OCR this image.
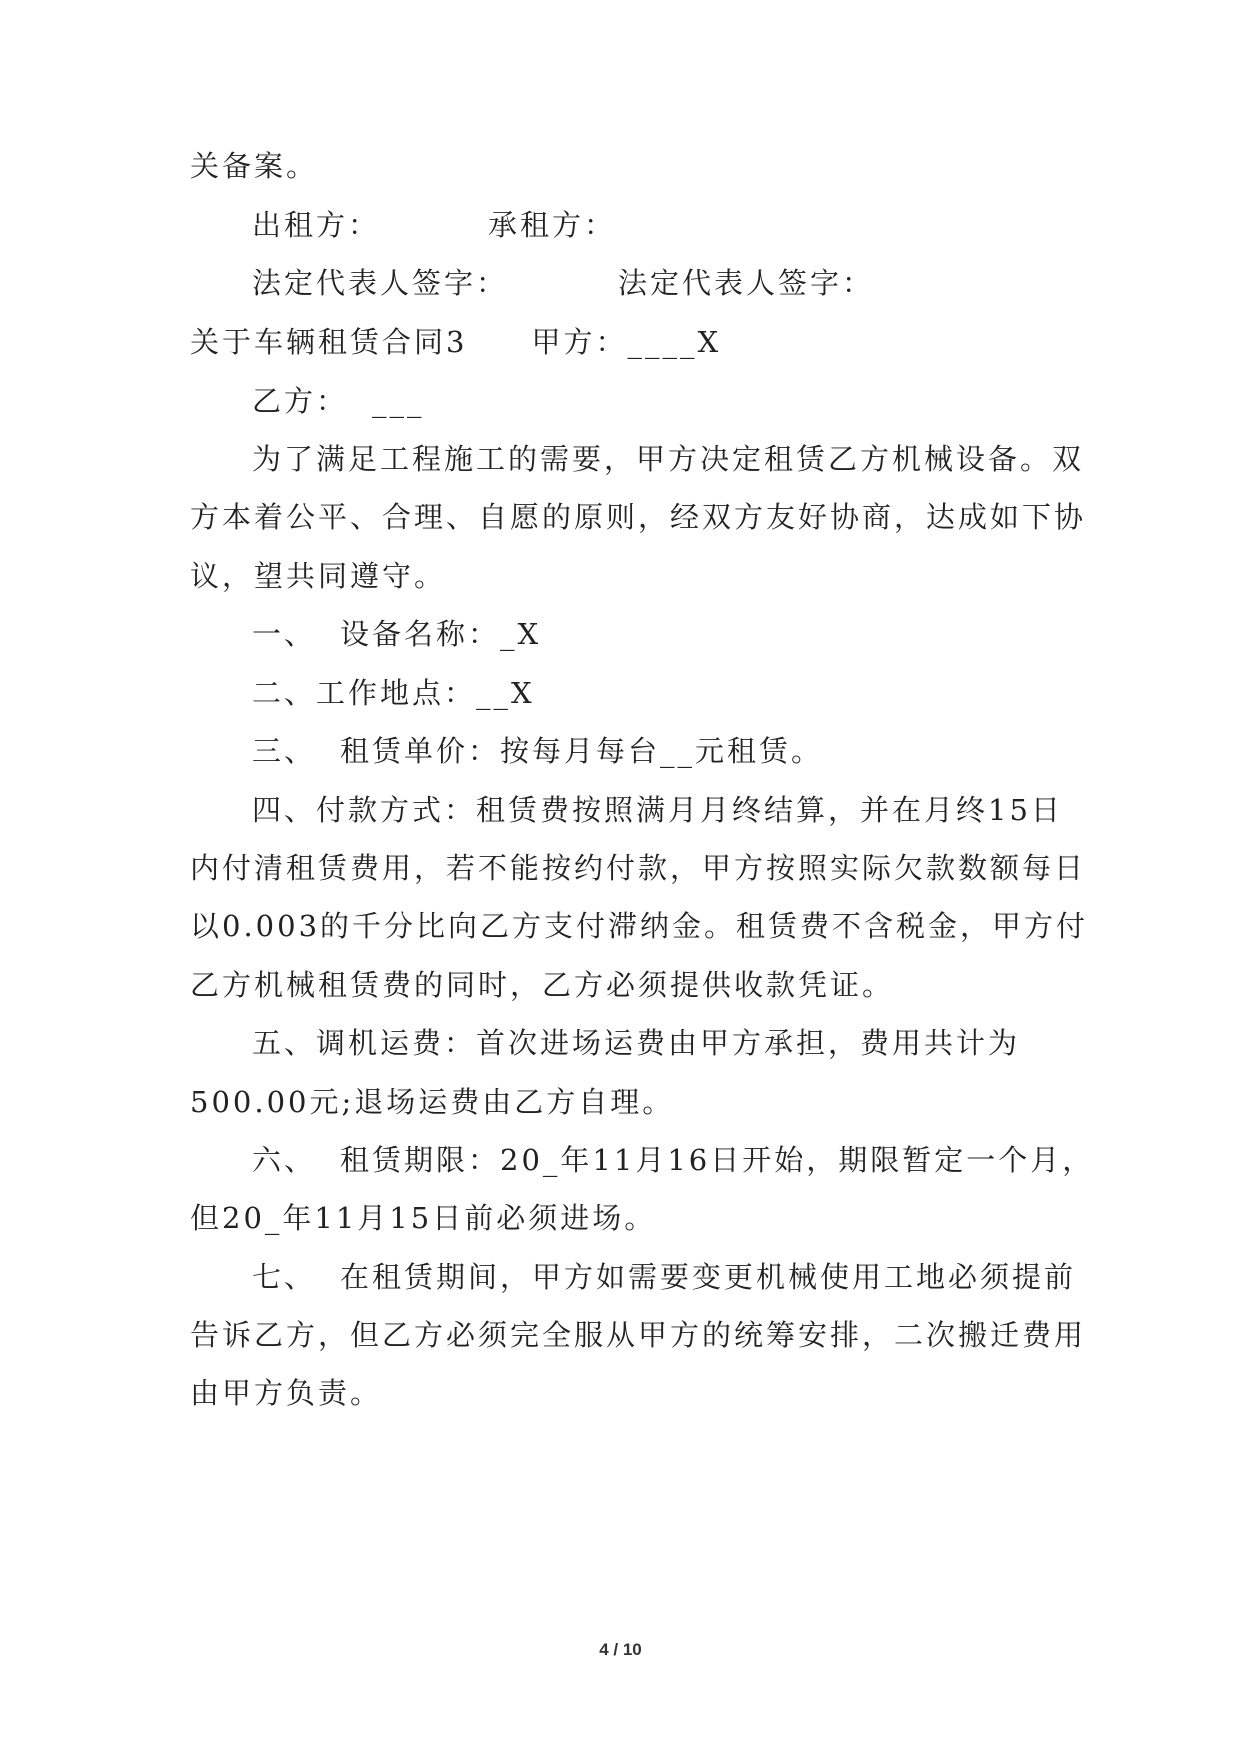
关备案。
出租方：	承租方：
法定代表人签字：	法定代表人签字：
关于车辆租赁合同3 甲方：____X
乙方： ___
为了满足工程施工的需要，甲方决定租赁乙方机械设备。双
方本着公平、合理、自愿的原则，经双方友好协商，达成如下协
议，望共同遵守。
一、 设备名称：_X
二、工作地点：__X
三、 租赁单价：按每月每台__元租赁。
四、付款方式：租赁费按照满月月终结算，并在月终15日
内付清租赁费用，若不能按约付款，甲方按照实际欠款数额每日
以0.003的千分比向乙方支付滞纳金。租赁费不含税金，甲方付
乙方机械租赁费的同时，乙方必须提供收款凭证。
五、调机运费：首次进场运费由甲方承担，费用共计为
500.00元;退场运费由乙方自理。
六、 租赁期限：20_年11月16日开始，期限暂定一个月，
但20_年11月15日前必须进场。
七、 在租赁期间，甲方如需要变更机械使用工地必须提前
告诉乙方，但乙方必须完全服从甲方的统筹安排，二次搬迁费用
由甲方负责。
4 / 10
